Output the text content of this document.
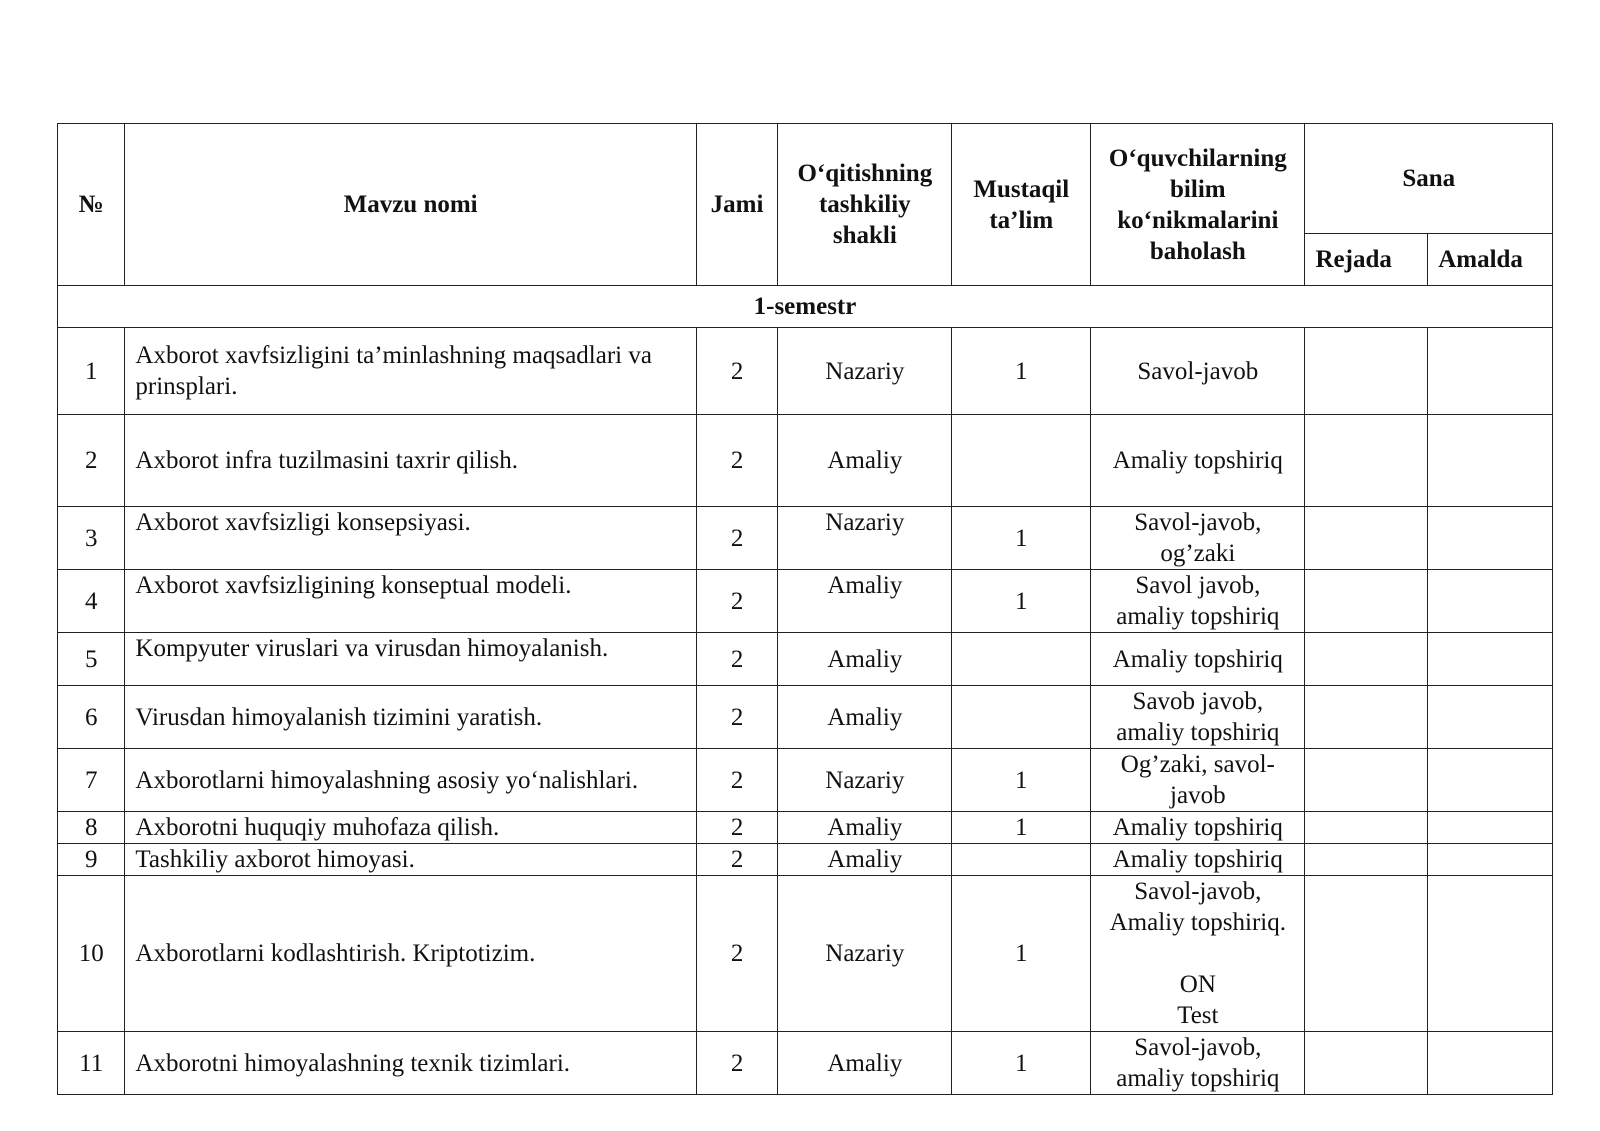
№	Mavzu nomi	Jami	O‘qitishning tashkiliy shakli	Mustaqil ta’lim	O‘quvchilarning bilim ko‘nikmalarini baholash	Sana	
						Rejada	Amalda
1-semestr							
1	Axborot xavfsizligini ta’minlashning maqsadlari va prinsplari.	2	Nazariy	1	Savol-javob		
2	Axborot infra tuzilmasini taxrir qilish.	2	Amaliy		Amaliy topshiriq		
3	Axborot xavfsizligi konsepsiyasi.	2	Nazariy	1	Savol-javob,
og’zaki		
4	Axborot xavfsizligining konseptual modeli.	2	Amaliy	1	Savol javob,
amaliy topshiriq		
5	Kompyuter viruslari va virusdan himoyalanish.	2	Amaliy		Amaliy topshiriq		
6	Virusdan himoyalanish tizimini yaratish.	2	Amaliy		Savob javob,
amaliy topshiriq		
7	Axborotlarni himoyalashning asosiy yo‘nalishlari.	2	Nazariy	1	Og’zaki, savol-
javob		
8	Axborotni huquqiy muhofaza qilish.	2	Amaliy	1	Amaliy topshiriq		
9	Tashkiliy axborot himoyasi.	2	Amaliy		Amaliy topshiriq		
10	Axborotlarni kodlashtirish. Kriptotizim.	2	Nazariy	1	Savol-javob,
Amaliy topshiriq.

ON
Test		
11	Axborotni himoyalashning texnik tizimlari.	2	Amaliy	1	Savol-javob,
amaliy topshiriq		
